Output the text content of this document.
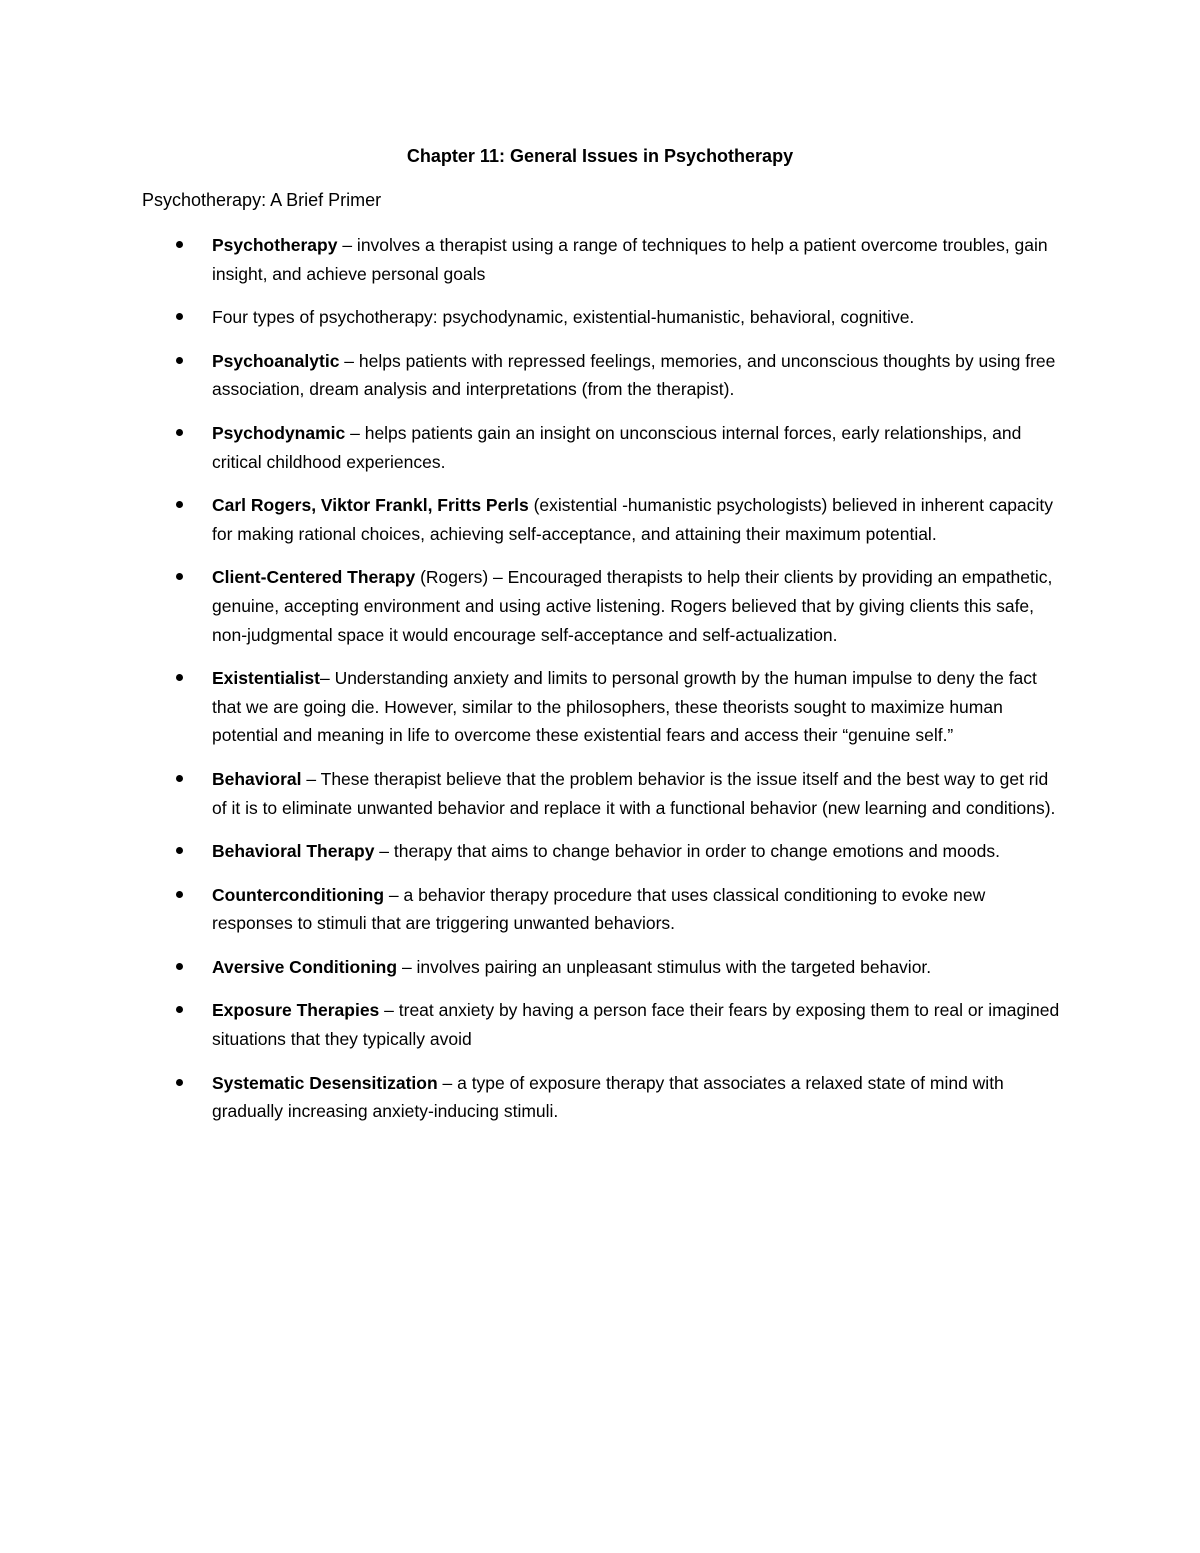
Chapter 11: General Issues in Psychotherapy
Psychotherapy: A Brief Primer
Psychotherapy – involves a therapist using a range of techniques to help a patient overcome troubles, gain insight, and achieve personal goals
Four types of psychotherapy: psychodynamic, existential-humanistic, behavioral, cognitive.
Psychoanalytic – helps patients with repressed feelings, memories, and unconscious thoughts by using free association, dream analysis and interpretations (from the therapist).
Psychodynamic – helps patients gain an insight on unconscious internal forces, early relationships, and critical childhood experiences.
Carl Rogers, Viktor Frankl, Fritts Perls (existential -humanistic psychologists) believed in inherent capacity for making rational choices, achieving self-acceptance, and attaining their maximum potential.
Client-Centered Therapy (Rogers) – Encouraged therapists to help their clients by providing an empathetic, genuine, accepting environment and using active listening. Rogers believed that by giving clients this safe, non-judgmental space it would encourage self-acceptance and self-actualization.
Existentialist– Understanding anxiety and limits to personal growth by the human impulse to deny the fact that we are going die. However, similar to the philosophers, these theorists sought to maximize human potential and meaning in life to overcome these existential fears and access their “genuine self.”
Behavioral – These therapist believe that the problem behavior is the issue itself and the best way to get rid of it is to eliminate unwanted behavior and replace it with a functional behavior (new learning and conditions).
Behavioral Therapy – therapy that aims to change behavior in order to change emotions and moods.
Counterconditioning – a behavior therapy procedure that uses classical conditioning to evoke new responses to stimuli that are triggering unwanted behaviors.
Aversive Conditioning – involves pairing an unpleasant stimulus with the targeted behavior.
Exposure Therapies – treat anxiety by having a person face their fears by exposing them to real or imagined situations that they typically avoid
Systematic Desensitization – a type of exposure therapy that associates a relaxed state of mind with gradually increasing anxiety-inducing stimuli.
